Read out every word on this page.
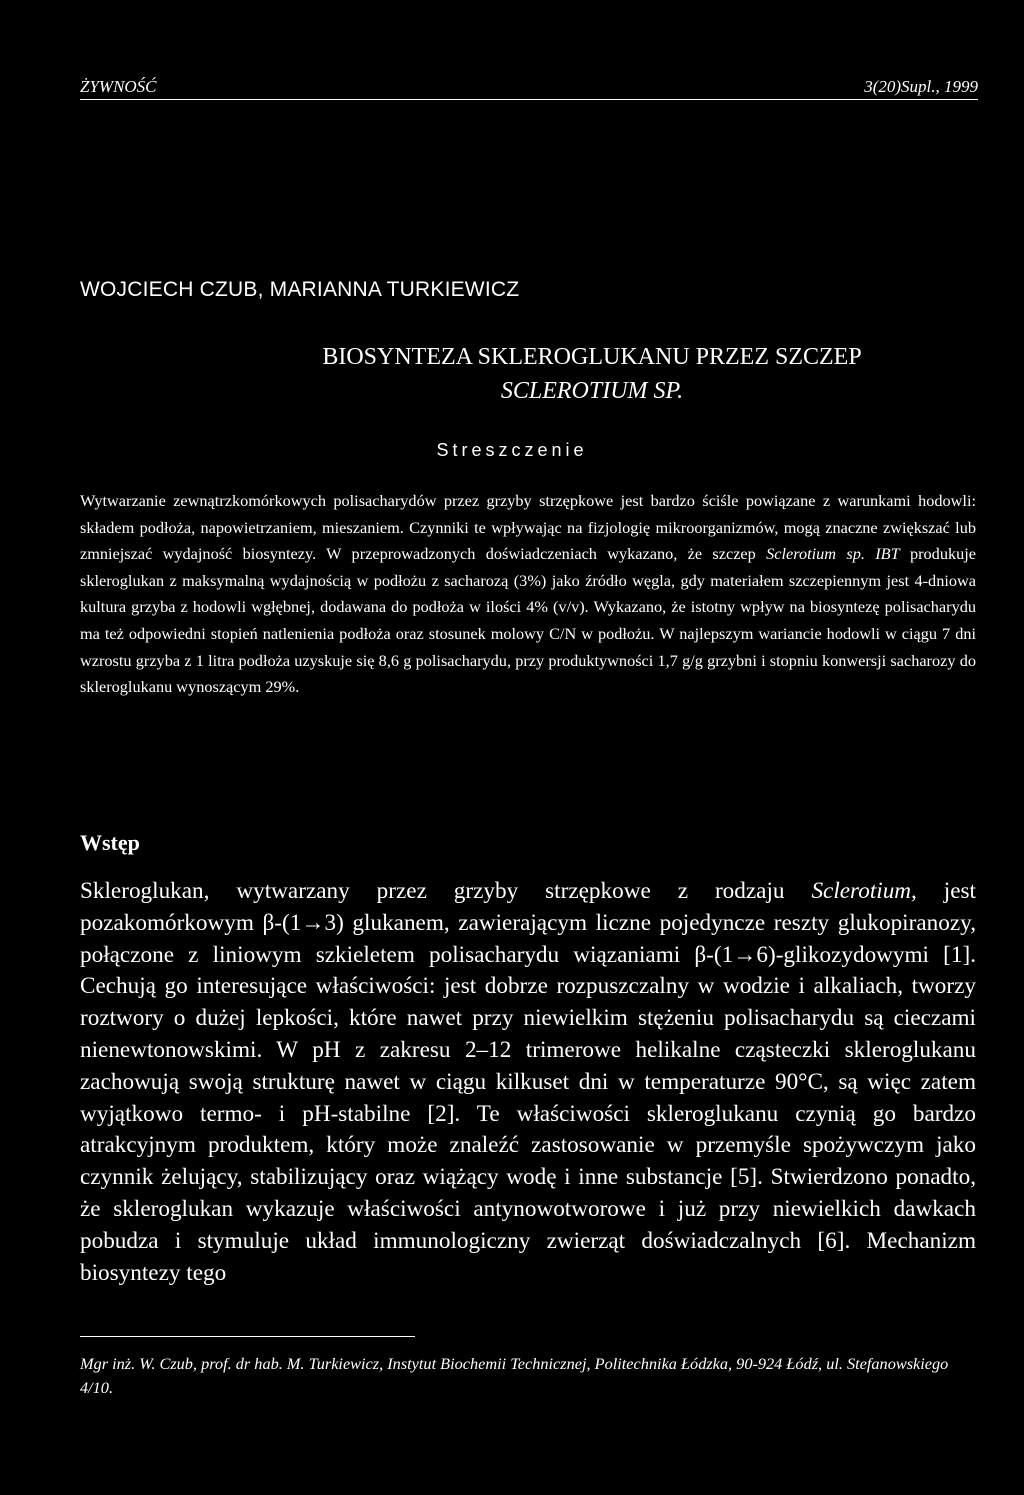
ŻYWNOŚĆ	3(20)Supl., 1999
WOJCIECH CZUB, MARIANNA TURKIEWICZ
BIOSYNTEZA SKLEROGLUKANU PRZEZ SZCZEP
SCLEROTIUM SP.
Streszczenie
Wytwarzanie zewnątrzkomórkowych polisacharydów przez grzyby strzępkowe jest bardzo ściśle powiązane z warunkami hodowli: składem podłoża, napowietrzaniem, mieszaniem. Czynniki te wpływając na fizjologię mikroorganizmów, mogą znaczne zwiększać lub zmniejszać wydajność biosyntezy. W przeprowadzonych doświadczeniach wykazano, że szczep Sclerotium sp. IBT produkuje skleroglukan z maksymalną wydajnością w podłożu z sacharozą (3%) jako źródło węgla, gdy materiałem szczepiennym jest 4-dniowa kultura grzyba z hodowli wgłębnej, dodawana do podłoża w ilości 4% (v/v). Wykazano, że istotny wpływ na biosyntezę polisacharydu ma też odpowiedni stopień natlenienia podłoża oraz stosunek molowy C/N w podłożu. W najlepszym wariancie hodowli w ciągu 7 dni wzrostu grzyba z 1 litra podłoża uzyskuje się 8,6 g polisacharydu, przy produktywności 1,7 g/g grzybni i stopniu konwersji sacharozy do skleroglukanu wynoszącym 29%.
Wstęp
Skleroglukan, wytwarzany przez grzyby strzępkowe z rodzaju Sclerotium, jest pozakomórkowym β-(1→3) glukanem, zawierającym liczne pojedyncze reszty glukopiranozy, połączone z liniowym szkieletem polisacharydu wiązaniami β-(1→6)-glikozydowymi [1]. Cechują go interesujące właściwości: jest dobrze rozpuszczalny w wodzie i alkaliach, tworzy roztwory o dużej lepkości, które nawet przy niewielkim stężeniu polisacharydu są cieczami nienewtonowskimi. W pH z zakresu 2–12 trimerowe helikalne cząsteczki skleroglukanu zachowują swoją strukturę nawet w ciągu kilkuset dni w temperaturze 90°C, są więc zatem wyjątkowo termo- i pH-stabilne [2]. Te właściwości skleroglukanu czynią go bardzo atrakcyjnym produktem, który może znaleźć zastosowanie w przemyśle spożywczym jako czynnik żelujący, stabilizujący oraz wiążący wodę i inne substancje [5]. Stwierdzono ponadto, że skleroglukan wykazuje właściwości antynowotworowe i już przy niewielkich dawkach pobudza i stymuluje układ immunologiczny zwierząt doświadczalnych [6]. Mechanizm biosyntezy tego
Mgr inż. W. Czub, prof. dr hab. M. Turkiewicz, Instytut Biochemii Technicznej, Politechnika Łódzka, 90-924 Łódź, ul. Stefanowskiego 4/10.
